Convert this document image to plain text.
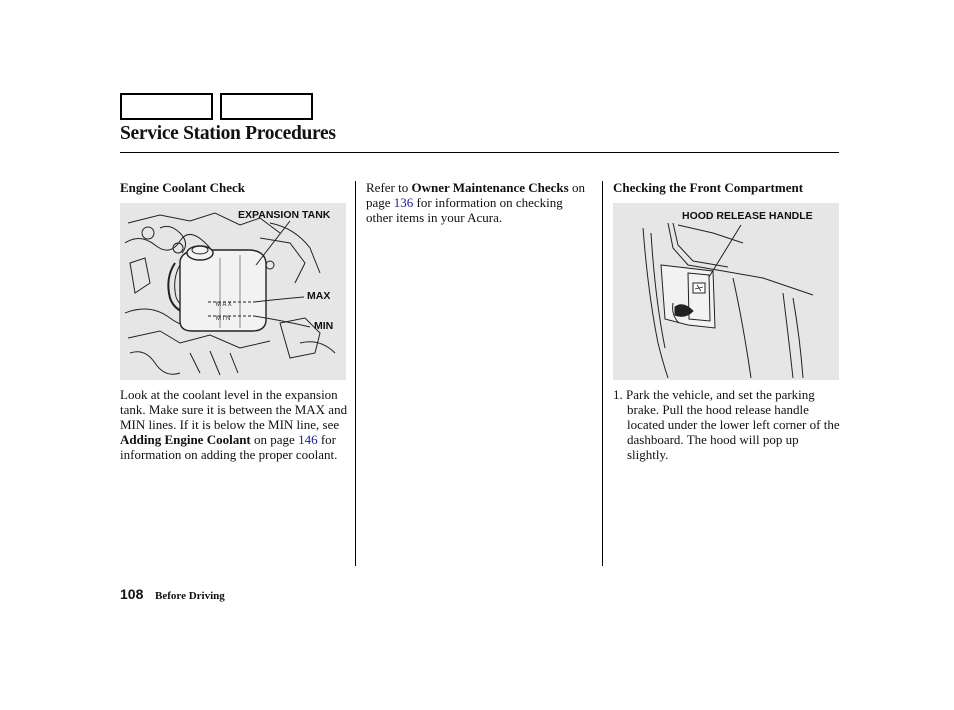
Service Station Procedures
Engine Coolant Check
M A X
M I N
EXPANSION TANK
MAX
MIN
Look at the coolant level in the expansion tank. Make sure it is between the MAX and MIN lines. If it is below the MIN line, see Adding Engine Coolant on page 146 for information on adding the proper coolant.
Refer to Owner Maintenance Checks on page 136 for information on checking other items in your Acura.
Checking the Front Compartment
HOOD RELEASE HANDLE
1. Park the vehicle, and set the parking brake. Pull the hood release handle located under the lower left corner of the dashboard. The hood will pop up slightly.
108 Before Driving
